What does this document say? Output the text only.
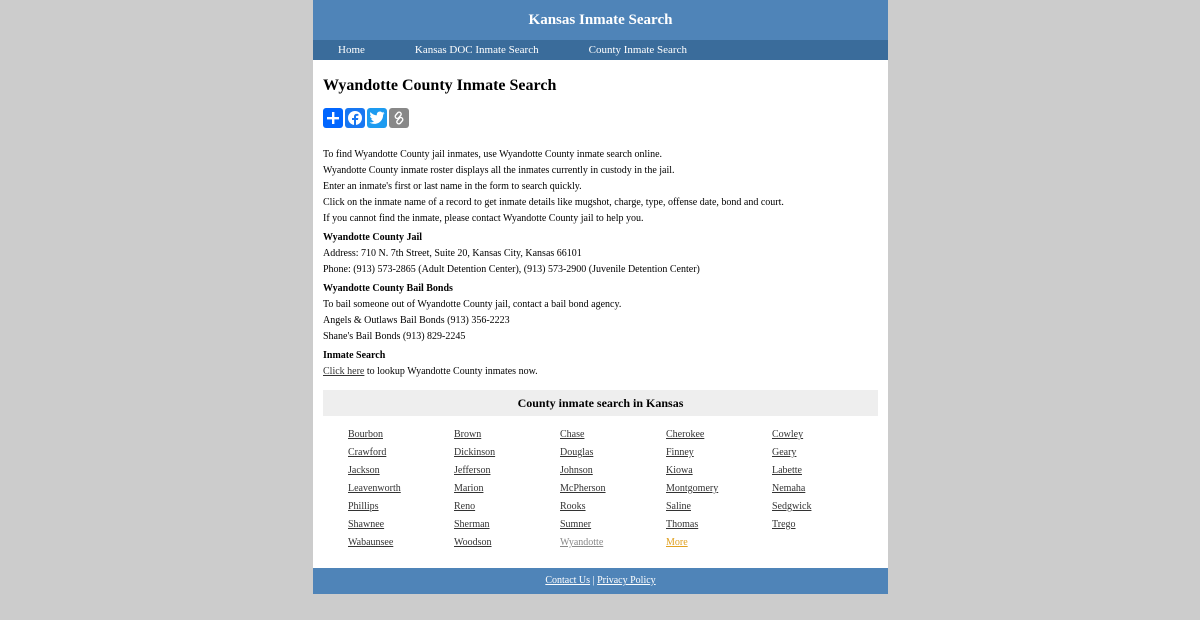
Kansas Inmate Search
Home	Kansas DOC Inmate Search	County Inmate Search
Wyandotte County Inmate Search
To find Wyandotte County jail inmates, use Wyandotte County inmate search online.
Wyandotte County inmate roster displays all the inmates currently in custody in the jail.
Enter an inmate's first or last name in the form to search quickly.
Click on the inmate name of a record to get inmate details like mugshot, charge, type, offense date, bond and court.
If you cannot find the inmate, please contact Wyandotte County jail to help you.
Wyandotte County Jail
Address: 710 N. 7th Street, Suite 20, Kansas City, Kansas 66101
Phone: (913) 573-2865 (Adult Detention Center), (913) 573-2900 (Juvenile Detention Center)
Wyandotte County Bail Bonds
To bail someone out of Wyandotte County jail, contact a bail bond agency.
Angels & Outlaws Bail Bonds (913) 356-2223
Shane's Bail Bonds (913) 829-2245
Inmate Search
Click here to lookup Wyandotte County inmates now.
County inmate search in Kansas
Bourbon	Brown	Chase	Cherokee	Cowley
Crawford	Dickinson	Douglas	Finney	Geary
Jackson	Jefferson	Johnson	Kiowa	Labette
Leavenworth	Marion	McPherson	Montgomery	Nemaha
Phillips	Reno	Rooks	Saline	Sedgwick
Shawnee	Sherman	Sumner	Thomas	Trego
Wabaunsee	Woodson	Wyandotte	More
Contact Us | Privacy Policy
